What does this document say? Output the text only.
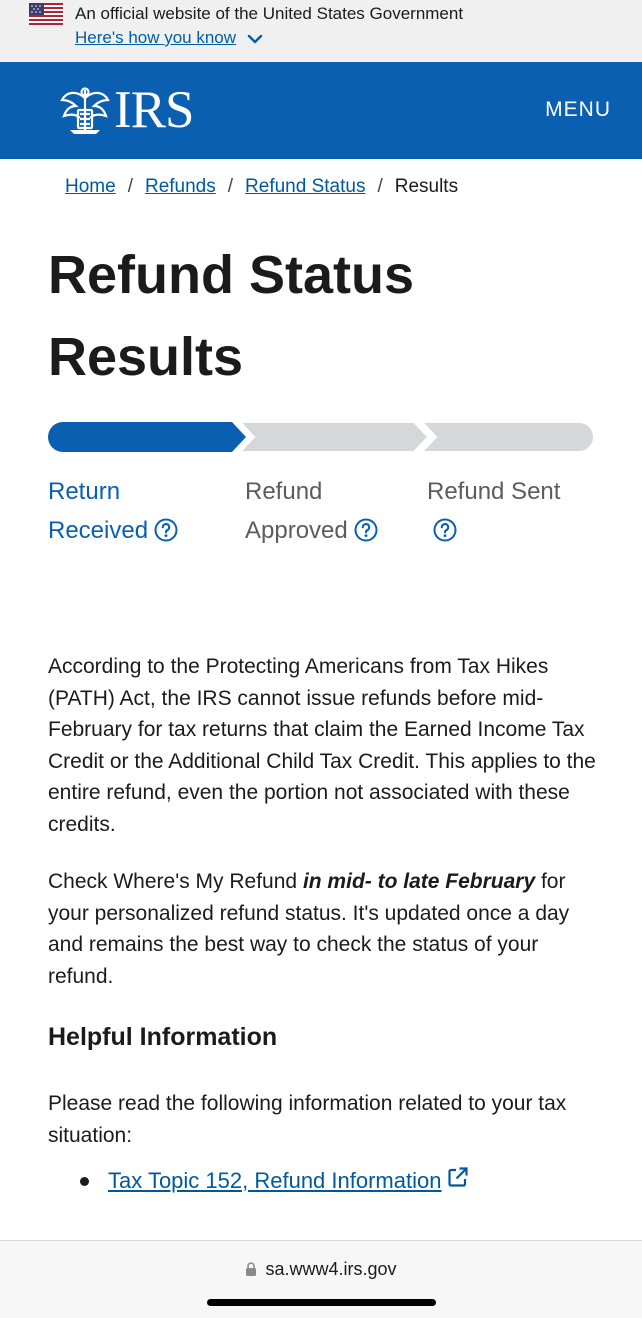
An official website of the United States Government
Here's how you know
IRS	MENU
Home / Refunds / Refund Status / Results
Refund Status
Results
Return
Received
Refund
Approved
Refund Sent

According to the Protecting Americans from Tax Hikes (PATH) Act, the IRS cannot issue refunds before mid-February for tax returns that claim the Earned Income Tax Credit or the Additional Child Tax Credit. This applies to the entire refund, even the portion not associated with these credits.

Check Where's My Refund in mid- to late February for your personalized refund status. It's updated once a day and remains the best way to check the status of your refund.

Helpful Information

Please read the following information related to your tax situation:

Tax Topic 152, Refund Information
sa.www4.irs.gov
